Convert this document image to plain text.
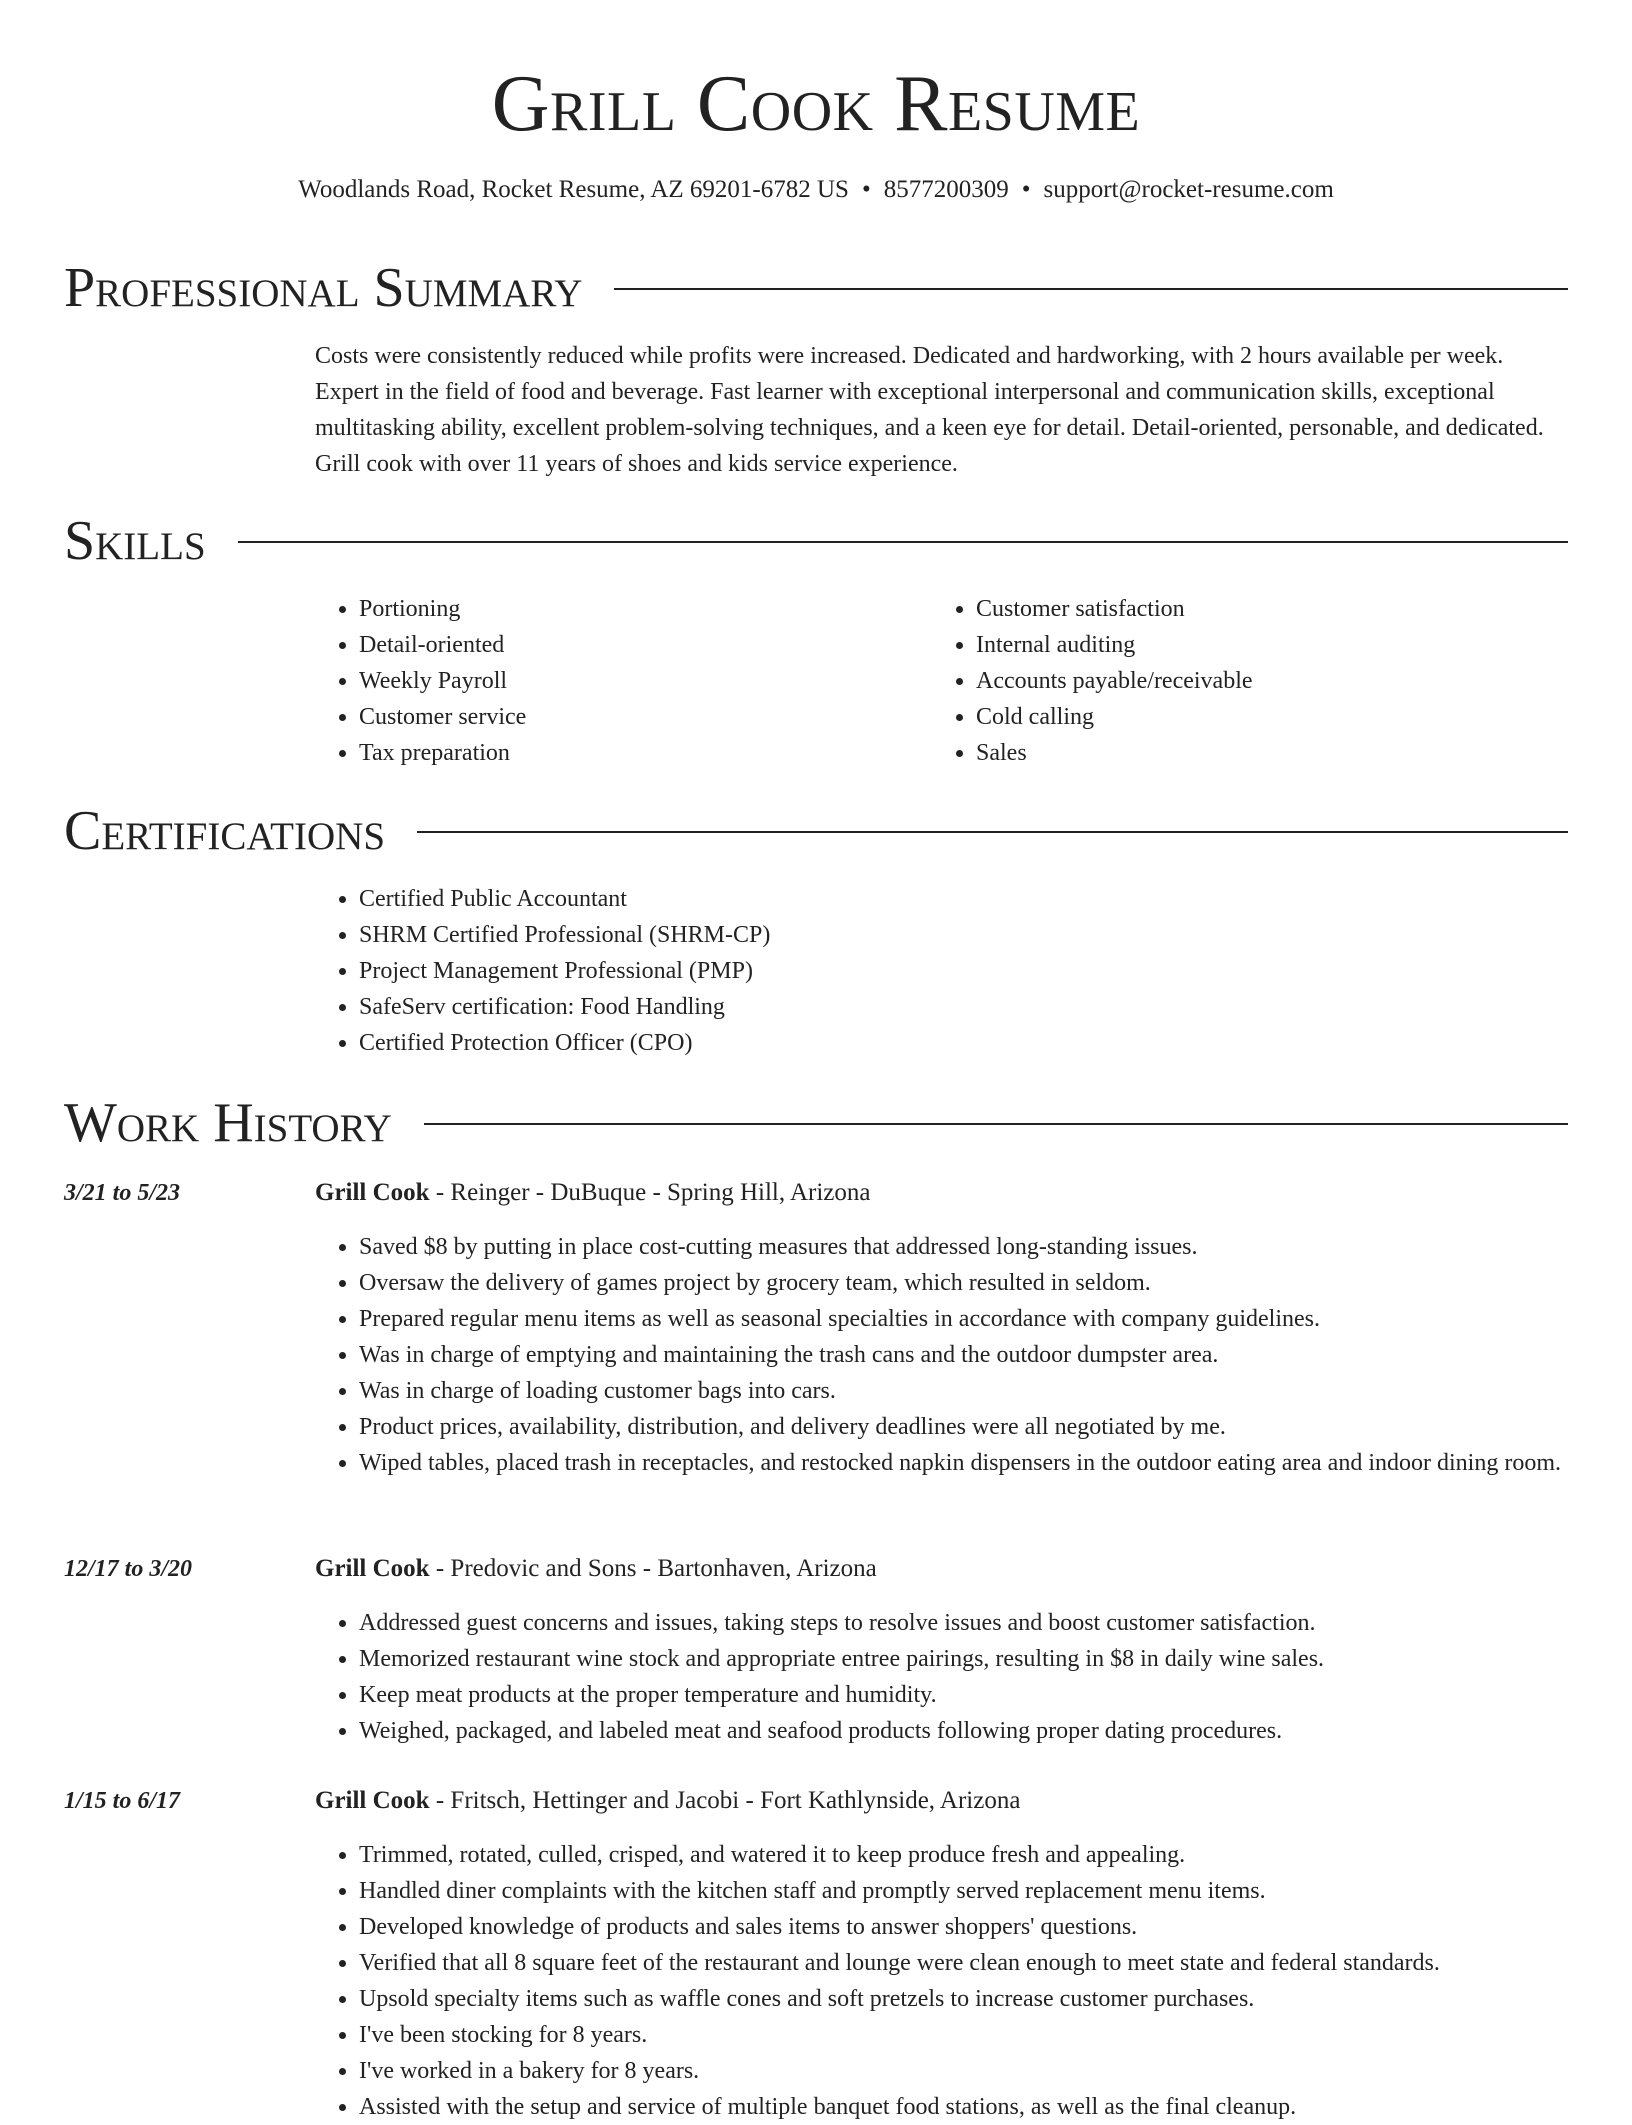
Grill Cook Resume
Woodlands Road, Rocket Resume, AZ 69201-6782 US • 8577200309 • support@rocket-resume.com
Professional Summary

Costs were consistently reduced while profits were increased. Dedicated and hardworking, with 2 hours available per week. Expert in the field of food and beverage. Fast learner with exceptional interpersonal and communication skills, exceptional multitasking ability, excellent problem-solving techniques, and a keen eye for detail. Detail-oriented, personable, and dedicated. Grill cook with over 11 years of shoes and kids service experience.

Skills
• Portioning
• Detail-oriented
• Weekly Payroll
• Customer service
• Tax preparation
• Customer satisfaction
• Internal auditing
• Accounts payable/receivable
• Cold calling
• Sales
Certifications
• Certified Public Accountant
• SHRM Certified Professional (SHRM-CP)
• Project Management Professional (PMP)
• SafeServ certification: Food Handling
• Certified Protection Officer (CPO)
Work History
3/21 to 5/23	Grill Cook - Reinger - DuBuque - Spring Hill, Arizona
• Saved $8 by putting in place cost-cutting measures that addressed long-standing issues.
• Oversaw the delivery of games project by grocery team, which resulted in seldom.
• Prepared regular menu items as well as seasonal specialties in accordance with company guidelines.
• Was in charge of emptying and maintaining the trash cans and the outdoor dumpster area.
• Was in charge of loading customer bags into cars.
• Product prices, availability, distribution, and delivery deadlines were all negotiated by me.
• Wiped tables, placed trash in receptacles, and restocked napkin dispensers in the outdoor eating area and indoor dining room.
12/17 to 3/20	Grill Cook - Predovic and Sons - Bartonhaven, Arizona
• Addressed guest concerns and issues, taking steps to resolve issues and boost customer satisfaction.
• Memorized restaurant wine stock and appropriate entree pairings, resulting in $8 in daily wine sales.
• Keep meat products at the proper temperature and humidity.
• Weighed, packaged, and labeled meat and seafood products following proper dating procedures.
1/15 to 6/17	Grill Cook - Fritsch, Hettinger and Jacobi - Fort Kathlynside, Arizona
• Trimmed, rotated, culled, crisped, and watered it to keep produce fresh and appealing.
• Handled diner complaints with the kitchen staff and promptly served replacement menu items.
• Developed knowledge of products and sales items to answer shoppers' questions.
• Verified that all 8 square feet of the restaurant and lounge were clean enough to meet state and federal standards.
• Upsold specialty items such as waffle cones and soft pretzels to increase customer purchases.
• I've been stocking for 8 years.
• I've worked in a bakery for 8 years.
• Assisted with the setup and service of multiple banquet food stations, as well as the final cleanup.
